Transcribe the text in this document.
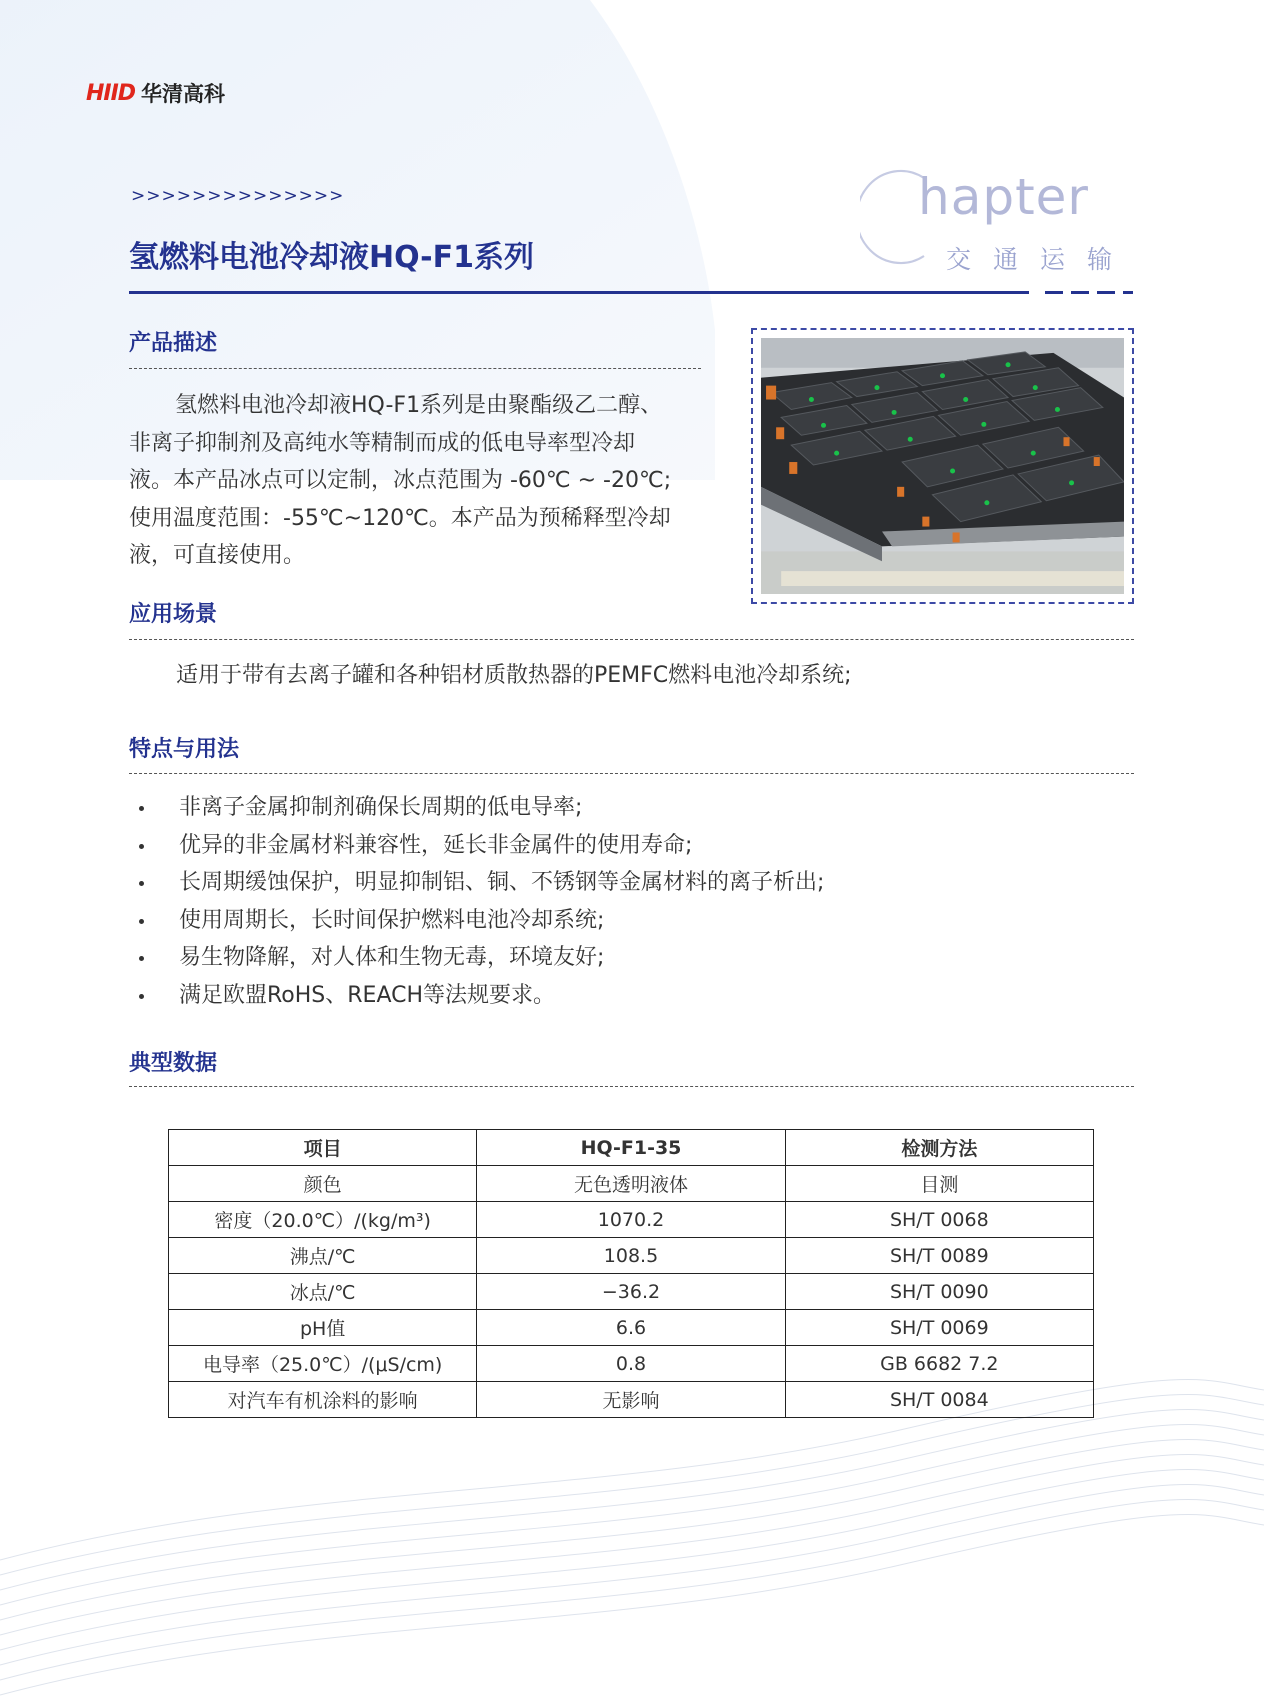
HIID 华清高科
>>>>>>>>>>>>>>
氢燃料电池冷却液HQ-F1系列
hapter
交通运输
产品描述
氢燃料电池冷却液HQ-F1系列是由聚酯级乙二醇、
非离子抑制剂及高纯水等精制而成的低电导率型冷却
液。本产品冰点可以定制，冰点范围为 -60℃ ~ -20℃;
使用温度范围：-55℃~120℃。本产品为预稀释型冷却
液，可直接使用。
应用场景
适用于带有去离子罐和各种铝材质散热器的PEMFC燃料电池冷却系统;
特点与用法
非离子金属抑制剂确保长周期的低电导率;
优异的非金属材料兼容性，延长非金属件的使用寿命;
长周期缓蚀保护，明显抑制铝、铜、不锈钢等金属材料的离子析出;
使用周期长，长时间保护燃料电池冷却系统;
易生物降解，对人体和生物无毒，环境友好;
满足欧盟RoHS、REACH等法规要求。
典型数据
项目	HQ-F1-35	检测方法
颜色	无色透明液体	目测
密度（20.0℃）/(kg/m³)	1070.2	SH/T 0068
沸点/℃	108.5	SH/T 0089
冰点/℃	−36.2	SH/T 0090
pH值	6.6	SH/T 0069
电导率（25.0℃）/(μS/cm)	0.8	GB 6682 7.2
对汽车有机涂料的影响	无影响	SH/T 0084
